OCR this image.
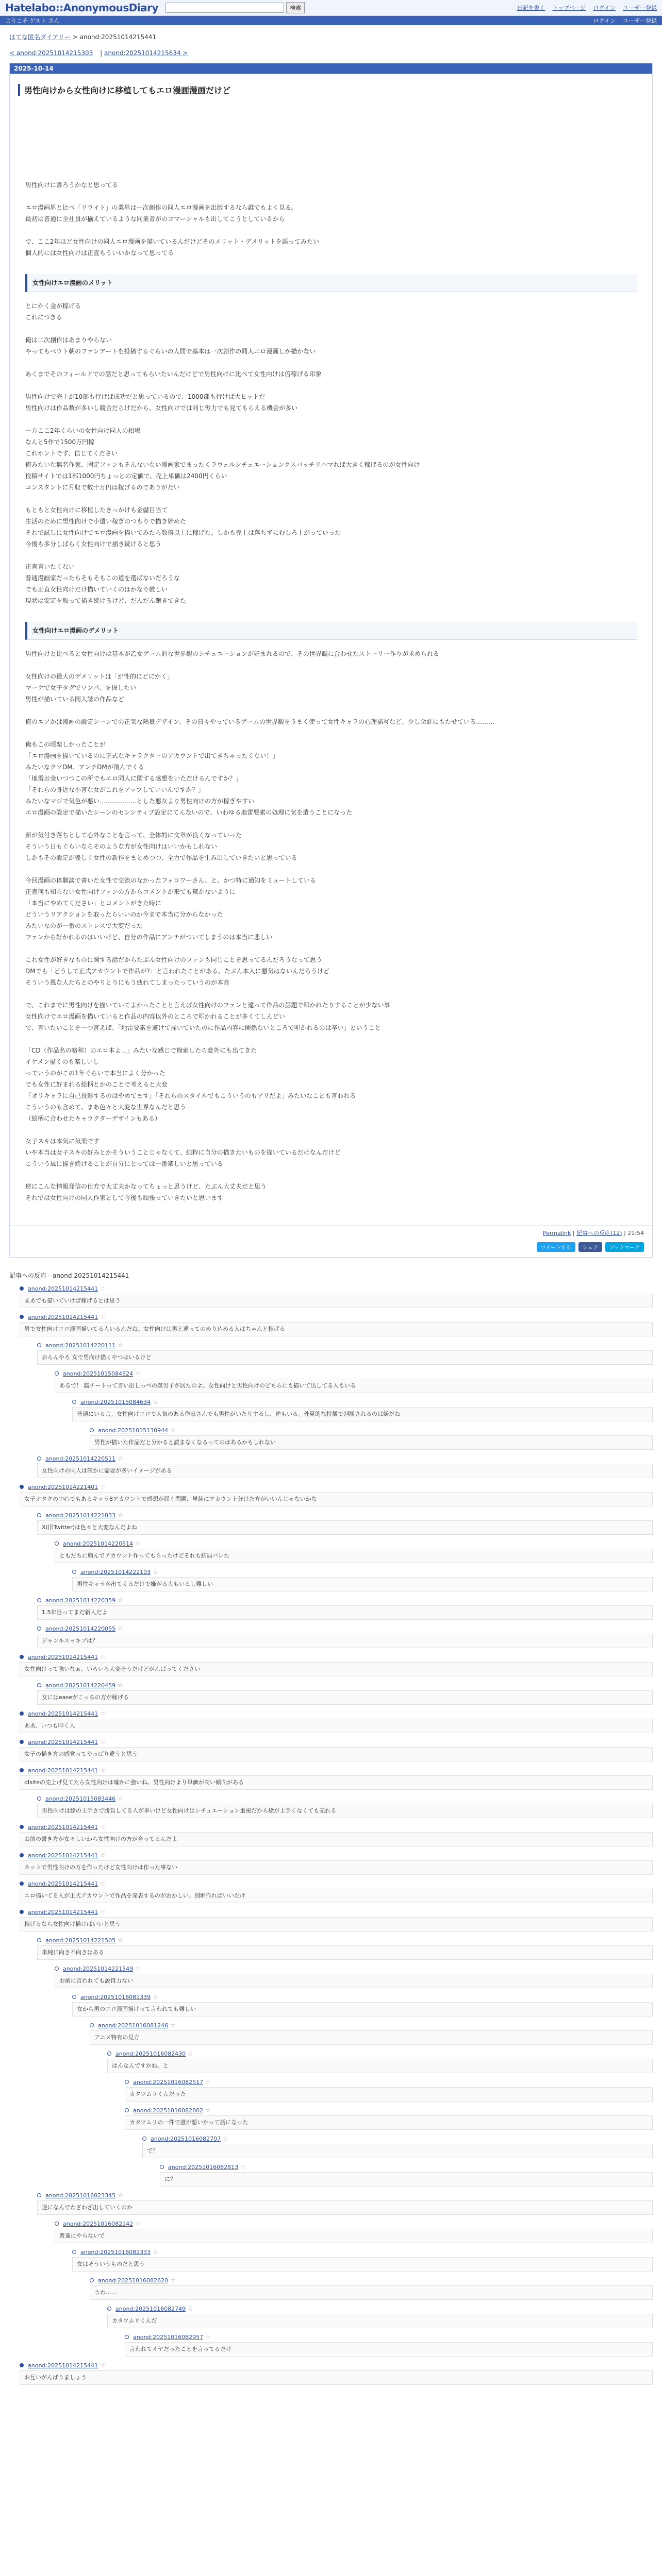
Hatelabo::AnonymousDiary	検索	日記を書く トップページ ログイン ユーザー登録
ようこそ ゲスト さん	ログイン ユーザー登録
はてな匿名ダイアリー > anond:20251014215441
< anond:20251014215303 | anond:20251014215634 >
2025-10-14
男性向けから女性向けに移植してもエロ漫画漫画だけど

男性向けに書ろうかなと思ってる

エロ漫画界と比べ「リライト」の業界は一次創作の同人エロ漫画を出版するなら誰でもよく見る。
最初は普通に全社員が揃えているような同業者がのコマーシャルも出してこうとしているから

で、ここ2年ほど女性向けの同人エロ漫画を描いているんだけどそのメリット・デメリットを語ってみたい
個人的には女性向けは正直もういいかなって思ってる

女性向けエロ漫画のメリット

とにかく金が稼げる
これにつきる

俺は二次創作はあまりやらない
やってもベウト朝のファンアートを投稿するぐらいの人間で基本は一次創作の同人エロ漫画しか描かない

あくまでそのフィールドでの話だと思ってもらいたいんだけどで男性向けに比べて女性向けは倍稼げる印象

男性向けで売上が10部も行けば成功だと思っているので、1000部も行けば大ヒットだ
男性向けは作品数が多いし競合だらけだから、女性向けでは同じ労力でも見てもらえる機会が多い

一方ここ2年くらいの女性向け同人の相場
なんと5作で1500万円稼
これホントです、信じてください
俺みたいな無名作家、固定ファンもそんないない漫画家でまったくラウェルシチュエーションクスバッチリハマれば大きく稼げるのが女性向け
投稿サイトでは1部1000円ちょっとの定価で、売上単価は2400円くらい
コンスタントに月収で数十万円は稼げるのでありがたい

もともと女性向けに移植したきっかけも金儲目当て
生活のために男性向けで小遣い稼ぎのつもりで描き始めた
それで試しに女性向けでエロ漫画を描いてみたら数倍以上に稼げた。しかも売上は落ちずにむしろ上がっていった
今後も多分しばらく女性向けで描き続けると思う

正直言いたくない
普通漫画家だったらそもそもこの道を選ばないだろうな
でも正直女性向けだけ描いていくのはかなり厳しい
現状は安定を取って描き続けるけど、だんだん飽きてきた

女性向けエロ漫画のデメリット

男性向けと比べると女性向けは基本が乙女ゲーム的な世界観のシチュエーションが好まれるので、その世界観に合わせたストーリー作りが求められる

女性向けの最大のデメリットは「が性的にどにかく」
マーケで女子タグでワンパ、を探したい
男性が描いている同人誌の作品など

俺のエアかは漫画の設定シーンでの正気な熱量デザイン、その日々やっているゲームの世界観をうまく使って女性キャラの心理描写など、少し余計にもたせている………

俺もこの頃楽しかったことが
「エロ漫画を描いているのに正式なキャラクターのアカウントで出てきちゃったくない！」
みたいなクソDM、アンチDMが飛んでくる
「地雷お金いつつこの所でもエロ同人に関する感想をいただけるんですか？」
「それらの身近な小言な女がこれをアップしていいんですか？」
みたいなマジで気色が悪い………………とした悪女より男性向けの方が稼ぎやすい
エロ漫画の設定で描いたシーンのセンシティブ設定にてんないので、いわゆる地雷要素の処理に気を遣うことになった

新が気付き落ちとして心外なことを言って、全体的に文章が良くなっていった
そういう日もぐらいならそのような方が女性向けはいいかもしれない
しかもその設定が優しく女性の新作をまとめつつ、全力で作品を生み出していきたいと思っている

今回漫画の体験談で書いた女性で交流のなかったフォロワーさん、と、かつ特に通知をミュートしている
正直何も知らない女性向けファンの方からコメントが来ても驚かないように
「本当にやめてください」とコメントがきた時に
どういうリアクションを取ったらいいのか今まで本当に分からなかった
みたいなのが一番のストレスで大変だった
ファンから好かれるのはいいけど、自分の作品にアンチがついてしまうのは本当に悲しい

これ女性が好きなものに関する話だからたぶん女性向けのファンも同じことを思ってるんだろうなって思う
DMでも「どうして正式アカウントで作品が?」と言われたことがある、たぶん本人に悪気はないんだろうけど
そういう風な人たちとのやりとりにもう疲れてしまったっていうのが本音

で、これまでに男性向けを描いていてよかったことと言えば女性向けのファンと違って作品の話題で叩かれたりすることが少ない事
女性向けでエロ漫画を描いていると作品の内容以外のところで叩かれることが多くてしんどい
で、言いたいことを一つ言えば、「地雷要素を避けて描いていたのに作品内容に関係ないところで叩かれるのは辛い」ということ

「CD（作品名の略称）のエロ本よ...」みたいな感じで検索したら意外にも出てきた
イケメン描くのも楽しいし
っていうのがこの1年ぐらいで本当によく分かった
でも女性に好まれる絵柄とかのことで考えると大変
「オリキャラに自己投影するのはやめてます」「それらのスタイルでもこういうのもアリだよ」みたいなことも言われる
こういうのも含めて、まあ色々と大変な世界なんだと思う
（絵柄に合わせたキャラクターデザインもある）

女子スキは本気に気楽です
いや本当は女子スキの好みとかそういうことじゃなくて、純粋に自分の描きたいものを描いているだけなんだけど
こういう風に描き続けることが自分にとっては一番楽しいと思っている

逆にこんな情報発信の仕方で大丈夫かなってちょっと思うけど、たぶん大丈夫だと思う
それでは女性向けの同人作家として今後も頑張っていきたいと思います

Permalink | 記事への反応(12) | 21:54
ツイートする	シェア	ブックマーク
記事への反応 - anond:20251014215441
anond:20251014215441 ☆
まあでも描いていけば稼げるとは思う
anond:20251014215441 ☆
男で女性向けエロ漫画描いてる人いるんだね。女性向けは男と違ってのめり込める人はちゃんと稼げる
anond:20251014220111 ☆
おらんやろ 女で男向け描くやつはいるけど
anond:20251015084524 ☆
あるで！ 腐チートって言い出しっぺの腐男子が居たのよ。女性向けと男性向けのどちらにも描いて出してる人もいる
anond:20251015084634 ☆
普通にいるよ。女性向けエロで人気のある作家さんでも男性がいたりするし、逆もいる。外見的な特徴で判断されるのは嫌だね
anond:20251015130944 ☆
男性が描いた作品だと分かると読まなくなるってのはあるかもしれない
anond:20251014220511 ☆
女性向けの同人は確かに需要が多いイメージがある
anond:20251014221401 ☆
女子オタクの中心でもあるキャラ8アカウントで感想が届く問題、単純にアカウント分けた方がいいんじゃないかな
anond:20251014221033 ☆
X(旧Twitter)は色々と大変なんだよね
anond:20251014220514 ☆
ともだちに頼んでアカウント作ってもらったけどそれも結局バレた
anond:20251014222103 ☆
男性キャラが出てくるだけで嫌がる人もいるし難しい
anond:20251014220359 ☆
1.5年目ってまだ新人だよ
anond:20251014220055 ☆
ジャンルスッキプは？
anond:20251014215441 ☆
女性向けって強いなぁ、いろいろ大変そうだけどがんばってください
anond:20251014220459 ☆
女にはeaseがこっちの方が稼げる
anond:20251014215441 ☆
ああ、いつも叩く人
anond:20251014215441 ☆
女子の描き方の感覚ってやっぱり違うと思う
anond:20251014215441 ☆
dlsiteの売上げ見てたら女性向けは確かに強いね。男性向けより単価が高い傾向がある
anond:20251015083446 ☆
男性向けは絵の上手さで勝負してる人が多いけど女性向けはシチュエーション重視だから絵が上手くなくても売れる
anond:20251014215441 ☆
お前の書き方が女々しいから女性向けの方が合ってるんだよ
anond:20251014215441 ☆
ネットで男性向けの方を作ったけど女性向けは作った事ない
anond:20251014215441 ☆
エロ描いてる人が正式アカウントで作品を発表するのがおかしい。別垢作ればいいだけ
anond:20251014215441 ☆
稼げるなら女性向け描けばいいと思う
anond:20251014221505 ☆
単純に向き不向きはある
anond:20251014221549 ☆
お前に言われても説得力ない
anond:20251016081339 ☆
女から男のエロ漫画描けって言われても難しい
anond:20251016081246 ☆
アニメ特有の見方
anond:20251016082430 ☆
はんなんですかね。と
anond:20251016082517 ☆
カタツムリくんだった
anond:20251016082802 ☆
カタツムリの一件で誰が悪いかって話になった
anond:20251016082707 ☆
で？
anond:20251016082813 ☆
に？
anond:20251016023345 ☆
逆になんでわざわざ出していくのか
anond:20251016082142 ☆
普通にやらないで
anond:20251016082333 ☆
女はそういうものだと思う
anond:20251016082620 ☆
うわ……
anond:20251016082749 ☆
カタツムリくんだ
anond:20251016082957 ☆
言われてイヤだったことを言ってるだけ
anond:20251014215441 ☆
お互いがんばりましょう
